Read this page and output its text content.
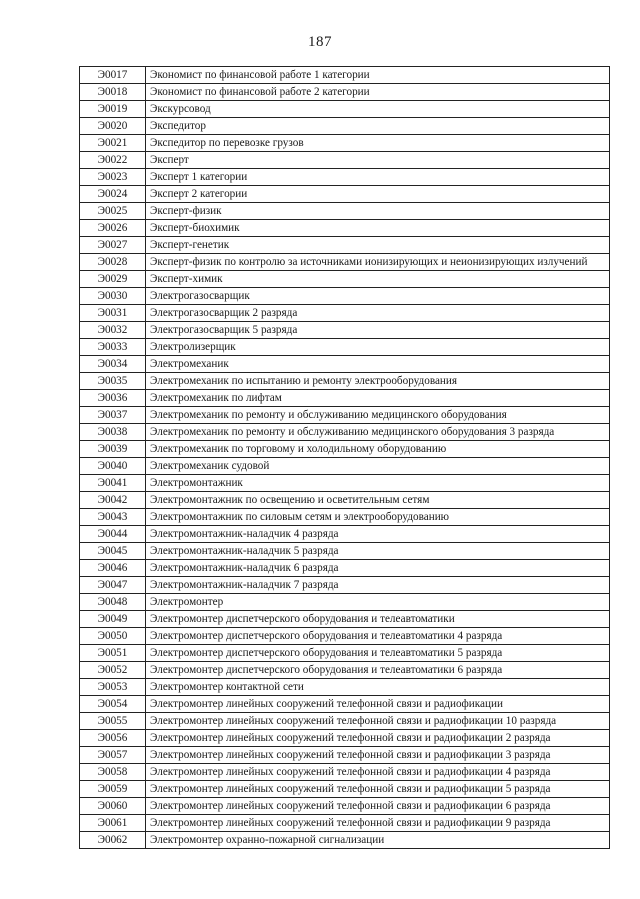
187
Э0017	Экономист по финансовой работе 1 категории
Э0018	Экономист по финансовой работе 2 категории
Э0019	Экскурсовод
Э0020	Экспедитор
Э0021	Экспедитор по перевозке грузов
Э0022	Эксперт
Э0023	Эксперт 1 категории
Э0024	Эксперт 2 категории
Э0025	Эксперт-физик
Э0026	Эксперт-биохимик
Э0027	Эксперт-генетик
Э0028	Эксперт-физик по контролю за источниками ионизирующих и неионизирующих излучений
Э0029	Эксперт-химик
Э0030	Электрогазосварщик
Э0031	Электрогазосварщик 2 разряда
Э0032	Электрогазосварщик 5 разряда
Э0033	Электролизерщик
Э0034	Электромеханик
Э0035	Электромеханик по испытанию и ремонту электрооборудования
Э0036	Электромеханик по лифтам
Э0037	Электромеханик по ремонту и обслуживанию медицинского оборудования
Э0038	Электромеханик по ремонту и обслуживанию медицинского оборудования 3 разряда
Э0039	Электромеханик по торговому и холодильному оборудованию
Э0040	Электромеханик судовой
Э0041	Электромонтажник
Э0042	Электромонтажник по освещению и осветительным сетям
Э0043	Электромонтажник по силовым сетям и электрооборудованию
Э0044	Электромонтажник-наладчик 4 разряда
Э0045	Электромонтажник-наладчик 5 разряда
Э0046	Электромонтажник-наладчик 6 разряда
Э0047	Электромонтажник-наладчик 7 разряда
Э0048	Электромонтер
Э0049	Электромонтер диспетчерского оборудования и телеавтоматики
Э0050	Электромонтер диспетчерского оборудования и телеавтоматики 4 разряда
Э0051	Электромонтер диспетчерского оборудования и телеавтоматики 5 разряда
Э0052	Электромонтер диспетчерского оборудования и телеавтоматики 6 разряда
Э0053	Электромонтер контактной сети
Э0054	Электромонтер линейных сооружений телефонной связи и радиофикации
Э0055	Электромонтер линейных сооружений телефонной связи и радиофикации 10 разряда
Э0056	Электромонтер линейных сооружений телефонной связи и радиофикации 2 разряда
Э0057	Электромонтер линейных сооружений телефонной связи и радиофикации 3 разряда
Э0058	Электромонтер линейных сооружений телефонной связи и радиофикации 4 разряда
Э0059	Электромонтер линейных сооружений телефонной связи и радиофикации 5 разряда
Э0060	Электромонтер линейных сооружений телефонной связи и радиофикации 6 разряда
Э0061	Электромонтер линейных сооружений телефонной связи и радиофикации 9 разряда
Э0062	Электромонтер охранно-пожарной сигнализации
